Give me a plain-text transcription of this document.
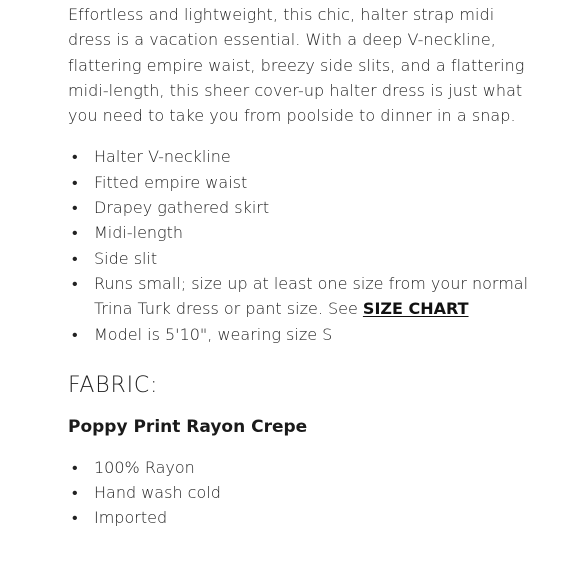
Effortless and lightweight, this chic, halter strap midi dress is a vacation essential. With a deep V-neckline, flattering empire waist, breezy side slits, and a flattering midi-length, this sheer cover-up halter dress is just what you need to take you from poolside to dinner in a snap.

• Halter V-neckline
• Fitted empire waist
• Drapey gathered skirt
• Midi-length
• Side slit
• Runs small; size up at least one size from your normal Trina Turk dress or pant size. See SIZE CHART
• Model is 5'10", wearing size S
FABRIC:
Poppy Print Rayon Crepe
• 100% Rayon
• Hand wash cold
• Imported
